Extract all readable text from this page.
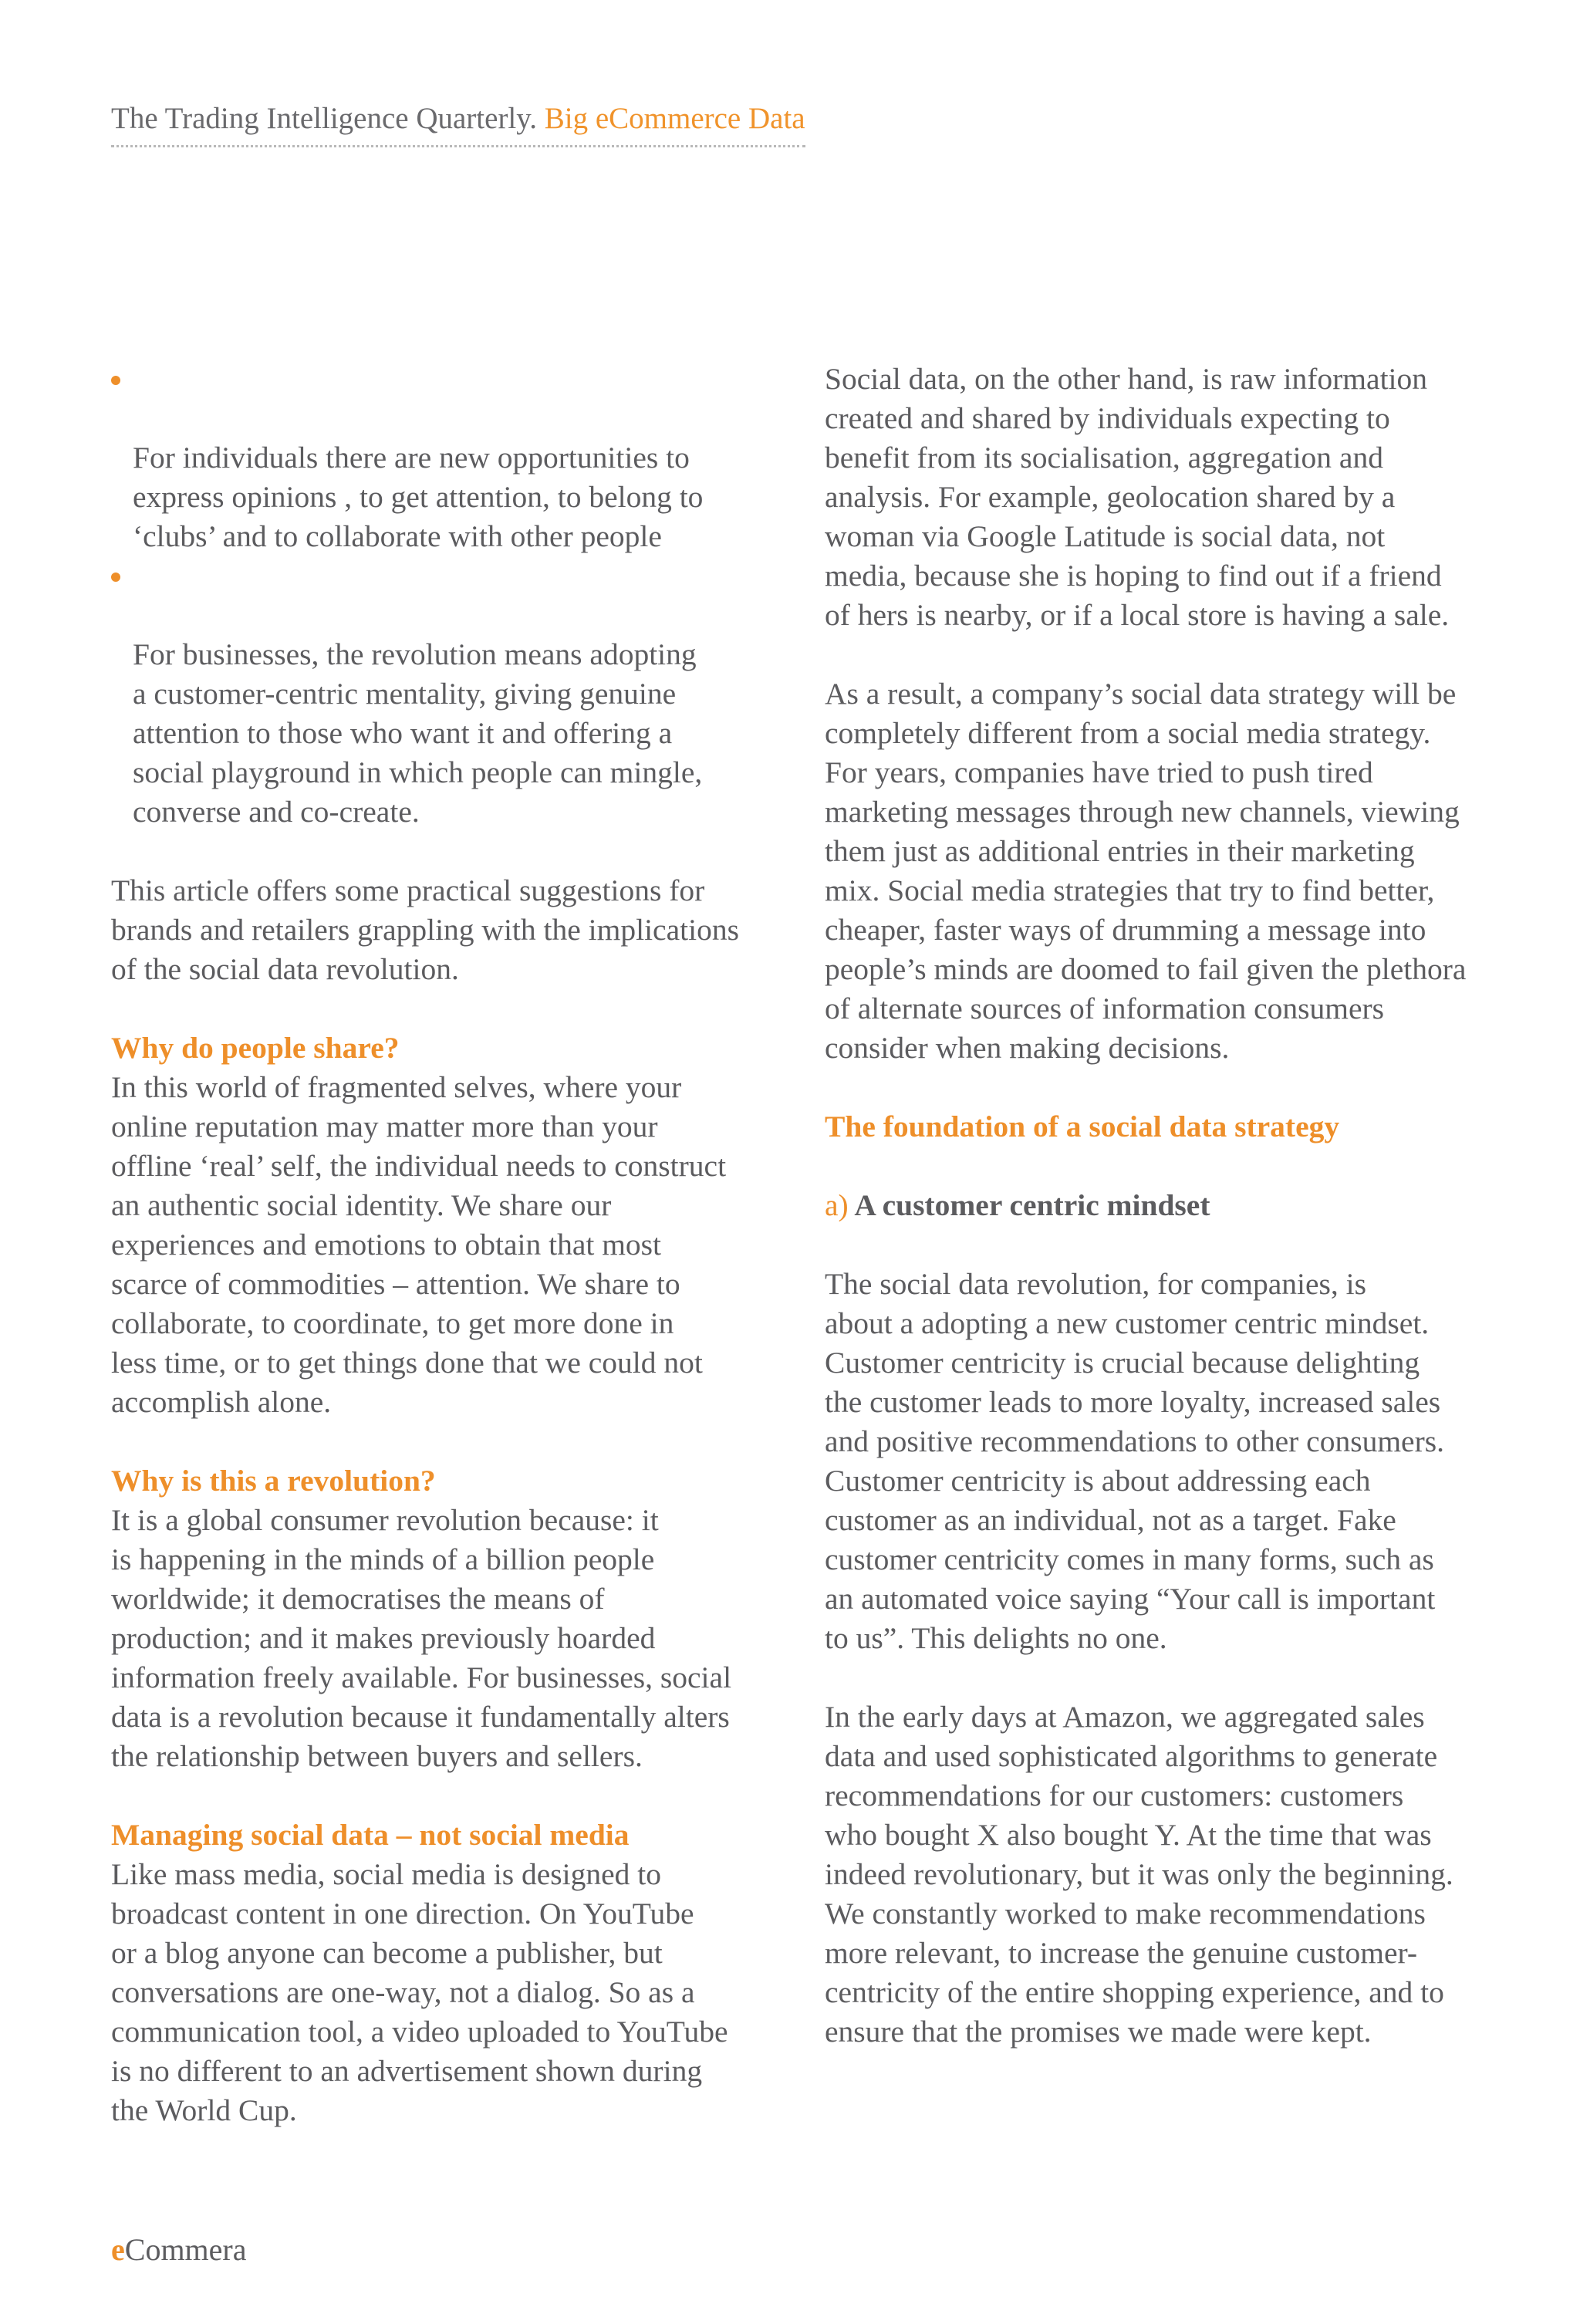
The Trading Intelligence Quarterly. Big eCommerce Data

For individuals there are new opportunities to
express opinions , to get attention, to belong to
‘clubs’ and to collaborate with other people

For businesses, the revolution means adopting
a customer-centric mentality, giving genuine
attention to those who want it and offering a
social playground in which people can mingle,
converse and co-create.

This article offers some practical suggestions for
brands and retailers grappling with the implications
of the social data revolution.

Why do people share?

In this world of fragmented selves, where your
online reputation may matter more than your
offline ‘real’ self, the individual needs to construct
an authentic social identity. We share our
experiences and emotions to obtain that most
scarce of commodities – attention. We share to
collaborate, to coordinate, to get more done in
less time, or to get things done that we could not
accomplish alone.

Why is this a revolution?

It is a global consumer revolution because: it
is happening in the minds of a billion people
worldwide; it democratises the means of
production; and it makes previously hoarded
information freely available. For businesses, social
data is a revolution because it fundamentally alters
the relationship between buyers and sellers.

Managing social data – not social media

Like mass media, social media is designed to
broadcast content in one direction. On YouTube
or a blog anyone can become a publisher, but
conversations are one-way, not a dialog. So as a
communication tool, a video uploaded to YouTube
is no different to an advertisement shown during
the World Cup.

Social data, on the other hand, is raw information
created and shared by individuals expecting to
benefit from its socialisation, aggregation and
analysis. For example, geolocation shared by a
woman via Google Latitude is social data, not
media, because she is hoping to find out if a friend
of hers is nearby, or if a local store is having a sale.

As a result, a company’s social data strategy will be
completely different from a social media strategy.
For years, companies have tried to push tired
marketing messages through new channels, viewing
them just as additional entries in their marketing
mix. Social media strategies that try to find better,
cheaper, faster ways of drumming a message into
people’s minds are doomed to fail given the plethora
of alternate sources of information consumers
consider when making decisions.

The foundation of a social data strategy
a) A customer centric mindset

The social data revolution, for companies, is
about a adopting a new customer centric mindset.
Customer centricity is crucial because delighting
the customer leads to more loyalty, increased sales
and positive recommendations to other consumers.
Customer centricity is about addressing each
customer as an individual, not as a target. Fake
customer centricity comes in many forms, such as
an automated voice saying “Your call is important
to us”. This delights no one.

In the early days at Amazon, we aggregated sales
data and used sophisticated algorithms to generate
recommendations for our customers: customers
who bought X also bought Y. At the time that was
indeed revolutionary, but it was only the beginning.
We constantly worked to make recommendations
more relevant, to increase the genuine customer-
centricity of the entire shopping experience, and to
ensure that the promises we made were kept.

eCommera
